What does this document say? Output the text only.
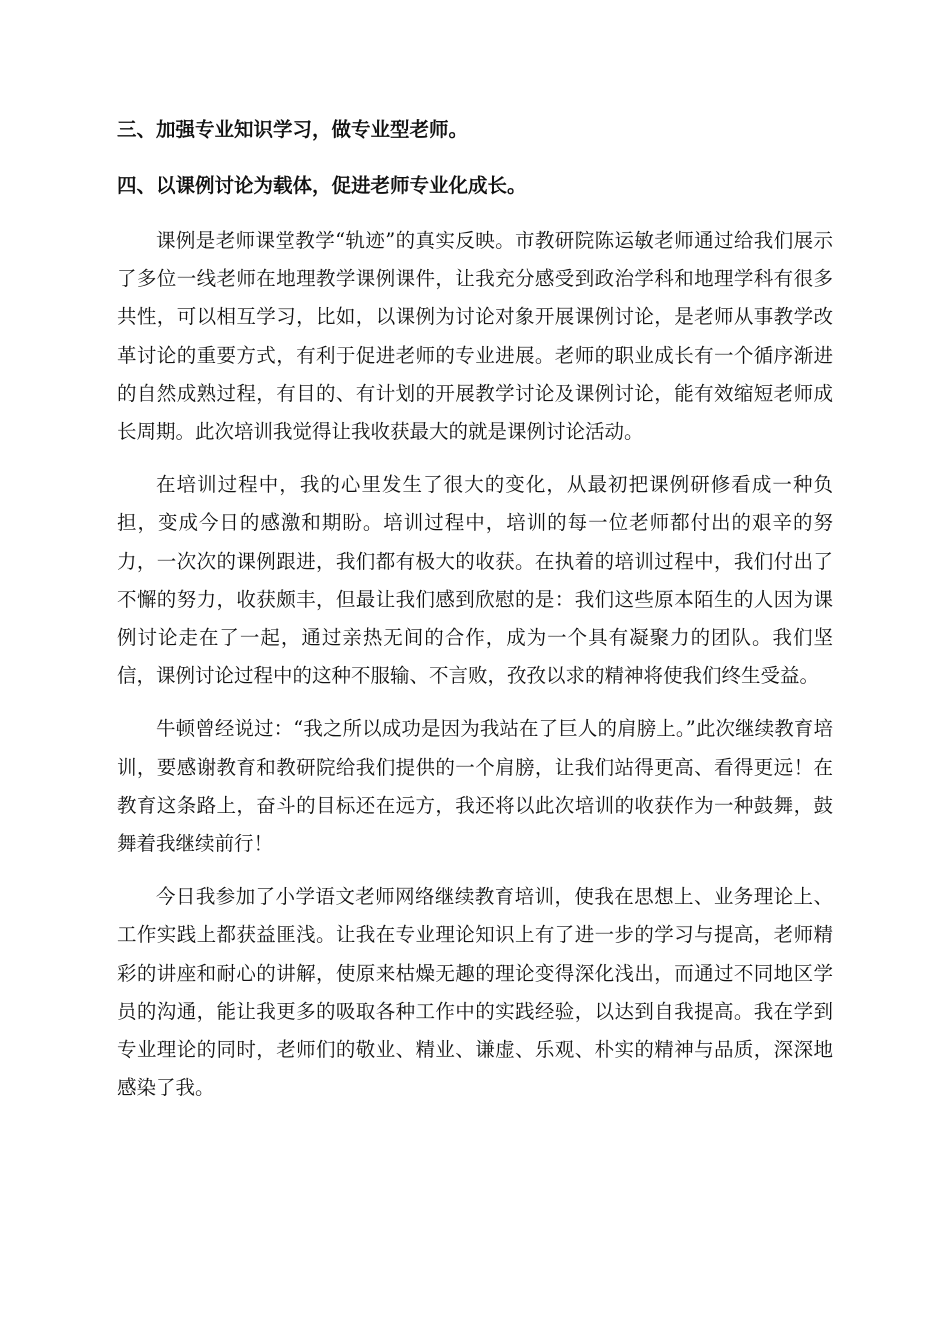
三、加强专业知识学习，做专业型老师。

四、以课例讨论为载体，促进老师专业化成长。

课例是老师课堂教学“轨迹”的真实反映。市教研院陈运敏老师通过给我们展示了多位一线老师在地理教学课例课件，让我充分感受到政治学科和地理学科有很多共性，可以相互学习，比如，以课例为讨论对象开展课例讨论，是老师从事教学改革讨论的重要方式，有利于促进老师的专业进展。老师的职业成长有一个循序渐进的自然成熟过程，有目的、有计划的开展教学讨论及课例讨论，能有效缩短老师成长周期。此次培训我觉得让我收获最大的就是课例讨论活动。

在培训过程中，我的心里发生了很大的变化，从最初把课例研修看成一种负担，变成今日的感激和期盼。培训过程中，培训的每一位老师都付出的艰辛的努力，一次次的课例跟进，我们都有极大的收获。在执着的培训过程中，我们付出了不懈的努力，收获颇丰，但最让我们感到欣慰的是：我们这些原本陌生的人因为课例讨论走在了一起，通过亲热无间的合作，成为一个具有凝聚力的团队。我们坚信，课例讨论过程中的这种不服输、不言败，孜孜以求的精神将使我们终生受益。

牛顿曾经说过：“我之所以成功是因为我站在了巨人的肩膀上。”此次继续教育培训，要感谢教育和教研院给我们提供的一个肩膀，让我们站得更高、看得更远！在教育这条路上，奋斗的目标还在远方，我还将以此次培训的收获作为一种鼓舞，鼓舞着我继续前行！

今日我参加了小学语文老师网络继续教育培训，使我在思想上、业务理论上、工作实践上都获益匪浅。让我在专业理论知识上有了进一步的学习与提高，老师精彩的讲座和耐心的讲解，使原来枯燥无趣的理论变得深化浅出，而通过不同地区学员的沟通，能让我更多的吸取各种工作中的实践经验，以达到自我提高。我在学到专业理论的同时，老师们的敬业、精业、谦虚、乐观、朴实的精神与品质，深深地感染了我。
